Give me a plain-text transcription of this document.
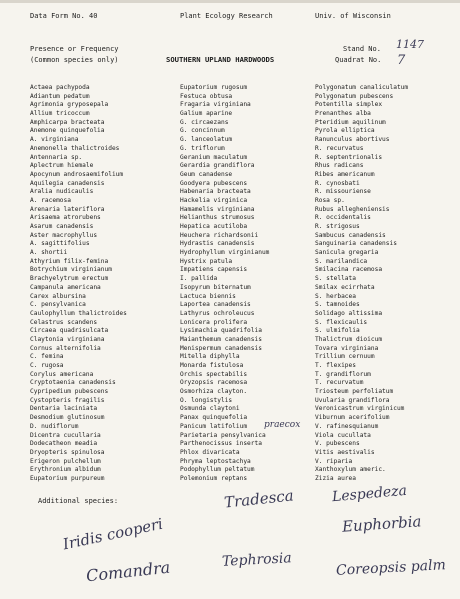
Data Form No. 40	Plant Ecology Research	Univ. of Wisconsin
Presence or Frequency
(Common species only)	SOUTHERN UPLAND HARDWOODS
Stand No. 1147
Quadrat No. 7
Actaea pachypoda
Adiantum pedatum
Agrimonia gryposepala
Allium tricoccum
Amphicarpa bracteata
Anemone quinquefolia
A. virginiana
Anemonella thalictroides
Antennaria sp.
Aplectrum hiemale
Apocynum androsaemifolium
Aquilegia canadensis
Aralia nudicaulis
A. racemosa
Arenaria lateriflora
Arisaema atrorubens
Asarum canadensis
Aster macrophyllus
A. sagittifolius
A. shortii
Athyrium filix-femina
Botrychium virginianum
Brachyelytrum erectum
Campanula americana
Carex albursina
C. pensylvanica
Caulophyllum thalictroides
Celastrus scandens
Circaea quadrisulcata
Claytonia virginiana
Cornus alternifolia
C. femina
C. rugosa
Corylus americana
Cryptotaenia canadensis
Cypripedium pubescens
Cystopteris fragilis
Dentaria laciniata
Desmodium glutinosum
D. nudiflorum
Dicentra cucullaria
Dodecatheon meadia
Dryopteris spinulosa
Erigeron pulchellum
Erythronium albidum
Eupatorium purpureum
Eupatorium rugosum
Festuca obtusa
Fragaria virginiana
Galium aparine
G. circaezans
G. concinnum
G. lanceolatum
G. triflorum
Geranium maculatum
Gerardia grandiflora
Geum canadense
Goodyera pubescens
Habenaria bracteata
Hackelia virginica
Hamamelis virginiana
Helianthus strumosus
Hepatica acutiloba
Heuchera richardsonii
Hydrastis canadensis
Hydrophyllum virginianum
Hystrix patula
Impatiens capensis
I. pallida
Isopyrum biternatum
Lactuca biennis
Laportea canadensis
Lathyrus ochroleucus
Lonicera prolifera
Lysimachia quadrifolia
Maianthemum canadensis
Menispermum canadensis
Mitella diphylla
Monarda fistulosa
Orchis spectabilis
Oryzopsis racemosa
Osmorhiza clayton.
O. longistylis
Osmunda claytoni
Panax quinquefolia
Panicum latifolium
Parietaria pensylvanica
Parthenocissus inserta
Phlox divaricata
Phryma leptostachya
Podophyllum peltatum
Polemonium reptans
Polygonatum canaliculatum
Polygonatum pubescens
Potentilla simplex
Prenanthes alba
Pteridium aquilinum
Pyrola elliptica
Ranunculus abortivus
R. recurvatus
R. septentrionalis
Rhus radicans
Ribes americanum
R. cynosbati
R. missouriense
Rosa sp.
Rubus allegheniensis
R. occidentalis
R. strigosus
Sambucus canadensis
Sanguinaria canadensis
Sanicula gregaria
S. marilandica
Smilacina racemosa
S. stellata
Smilax ecirrhata
S. herbacea
S. tamnoides
Solidago altissima
S. flexicaulis
S. ulmifolia
Thalictrum dioicum
Tovara virginiana
Trillium cernuum
T. flexipes
T. grandiflorum
T. recurvatum
Triosteum perfoliatum
Uvularia grandiflora
Veronicastrum virginicum
Viburnum acerifolium
V. rafinesquianum
Viola cucullata
V. pubescens
Vitis aestivalis
V. riparia
Xanthoxylum americ.
Zizia aurea
praecox
Additional species:
Iridis cooperi
Tradesca	Lespedeza
Euphorbia
Comandra	Tephrosia	Coreopsis palm
